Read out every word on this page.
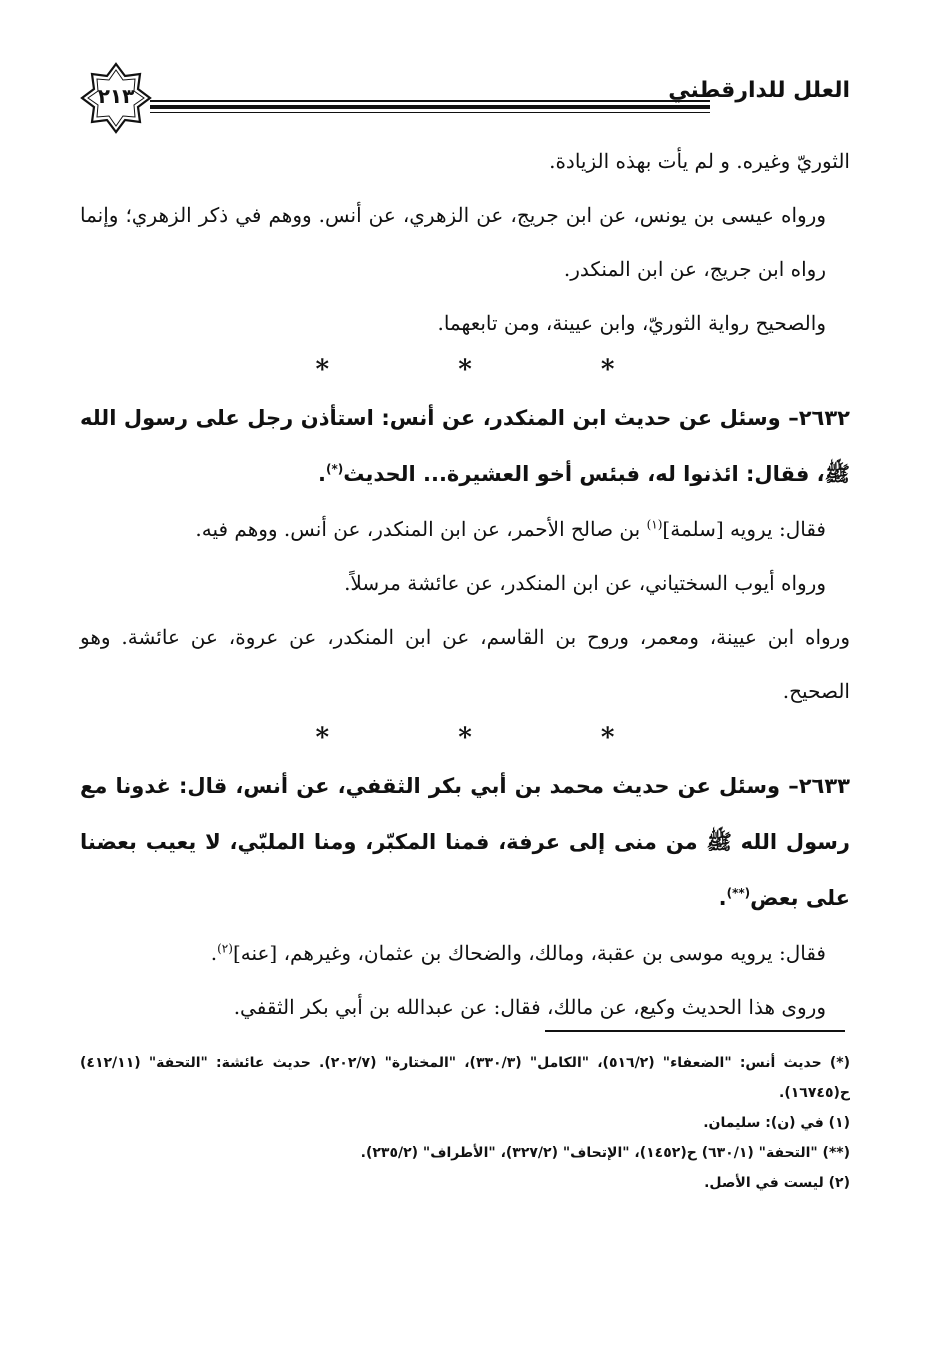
٢١٣	العلل للدارقطني

الثوريّ وغيره. و لم يأت بهذه الزيادة.

ورواه عيسى بن يونس، عن ابن جريج، عن الزهري، عن أنس. ووهم في ذكر الزهري؛ وإنما رواه ابن جريج، عن ابن المنكدر.

والصحيح رواية الثوريّ، وابن عيينة، ومن تابعهما.

* * *

٢٦٣٢– وسئل عن حديث ابن المنكدر، عن أنس: استأذن رجل على رسول الله ﷺ، فقال: ائذنوا له، فبئس أخو العشيرة... الحديث(*).

فقال: يرويه [سلمة]$^{(١)}$ بن صالح الأحمر، عن ابن المنكدر، عن أنس. ووهم فيه.

ورواه أيوب السختياني، عن ابن المنكدر، عن عائشة مرسلاً.

ورواه ابن عيينة، ومعمر، وروح بن القاسم، عن ابن المنكدر، عن عروة، عن عائشة. وهو الصحيح.

* * *

٢٦٣٣– وسئل عن حديث محمد بن أبي بكر الثقفي، عن أنس، قال: غدونا مع رسول الله ﷺ من منى إلى عرفة، فمنا المكبّر، ومنا الملبّي، لا يعيب بعضنا على بعض(**).

فقال: يرويه موسى بن عقبة، ومالك، والضحاك بن عثمان، وغيرهم، [عنه]$^{(٢)}$.

وروى هذا الحديث وكيع، عن مالك، فقال: عن عبدالله بن أبي بكر الثقفي.

(*) حديث أنس: "الضعفاء" (٥١٦/٢)، "الكامل" (٣٣٠/٣)، "المختارة" (٢٠٢/٧). حديث عائشة: "التحفة" (٤١٢/١١) ح(١٦٧٤٥).

(١) في (ن): سليمان.

(**) "التحفة" (٦٣٠/١) ح(١٤٥٢)، "الإتحاف" (٣٢٧/٢)، "الأطراف" (٢٣٥/٢).

(٢) ليست في الأصل.
